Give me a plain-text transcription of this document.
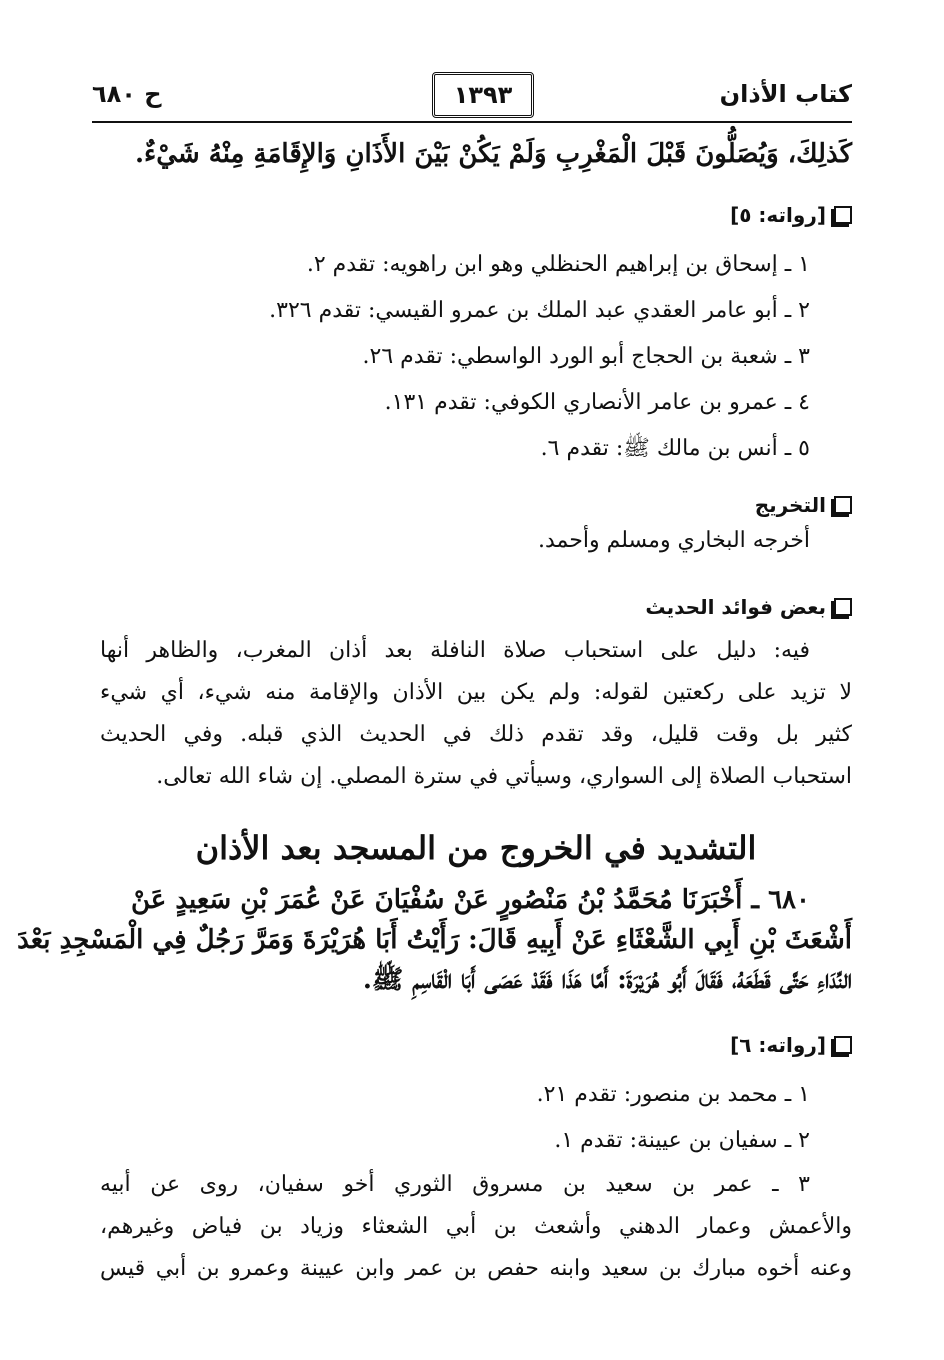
كتاب الأذان
١٣٩٣
ح ٦٨٠
كَذلِكَ، وَيُصَلُّونَ قَبْلَ الْمَغْرِبِ وَلَمْ يَكُنْ بَيْنَ الأَذَانِ وَالإِقَامَةِ مِنْهُ شَيْءٌ.
[رواته: ٥]
١ ـ إسحاق بن إبراهيم الحنظلي وهو ابن راهويه: تقدم ٢.
٢ ـ أبو عامر العقدي عبد الملك بن عمرو القيسي: تقدم ٣٢٦.
٣ ـ شعبة بن الحجاج أبو الورد الواسطي: تقدم ٢٦.
٤ ـ عمرو بن عامر الأنصاري الكوفي: تقدم ١٣١.
٥ ـ أنس بن مالك ﷺ: تقدم ٦.
التخريج
أخرجه البخاري ومسلم وأحمد.
بعض فوائد الحديث
فيه: دليل على استحباب صلاة النافلة بعد أذان المغرب، والظاهر أنها
لا تزيد على ركعتين لقوله: ولم يكن بين الأذان والإقامة منه شيء، أي شيء
كثير بل وقت قليل، وقد تقدم ذلك في الحديث الذي قبله. وفي الحديث
استحباب الصلاة إلى السواري، وسيأتي في سترة المصلي. إن شاء الله تعالى.
التشديد في الخروج من المسجد بعد الأذان
٦٨٠ ـ أَخْبَرَنَا مُحَمَّدُ بْنُ مَنْصُورٍ عَنْ سُفْيَانَ عَنْ عُمَرَ بْنِ سَعِيدٍ عَنْ
أَشْعَثَ بْنِ أَبِي الشَّعْثَاءِ عَنْ أَبِيهِ قَالَ: رَأَيْتُ أَبَا هُرَيْرَةَ وَمَرَّ رَجُلٌ فِي الْمَسْجِدِ بَعْدَ
النِّدَاءِ حَتَّى قَطَعَهُ، فَقَالَ أَبُو هُرَيْرَةَ: أَمَّا هَذَا فَقَدْ عَصَى أَبَا الْقَاسِمِ ﷺ.
[رواته: ٦]
١ ـ محمد بن منصور: تقدم ٢١.
٢ ـ سفيان بن عيينة: تقدم ١.
٣ ـ عمر بن سعيد بن مسروق الثوري أخو سفيان، روى عن أبيه
والأعمش وعمار الدهني وأشعث بن أبي الشعثاء وزياد بن فياض وغيرهم،
وعنه أخوه مبارك بن سعيد وابنه حفص بن عمر وابن عيينة وعمرو بن أبي قيس
